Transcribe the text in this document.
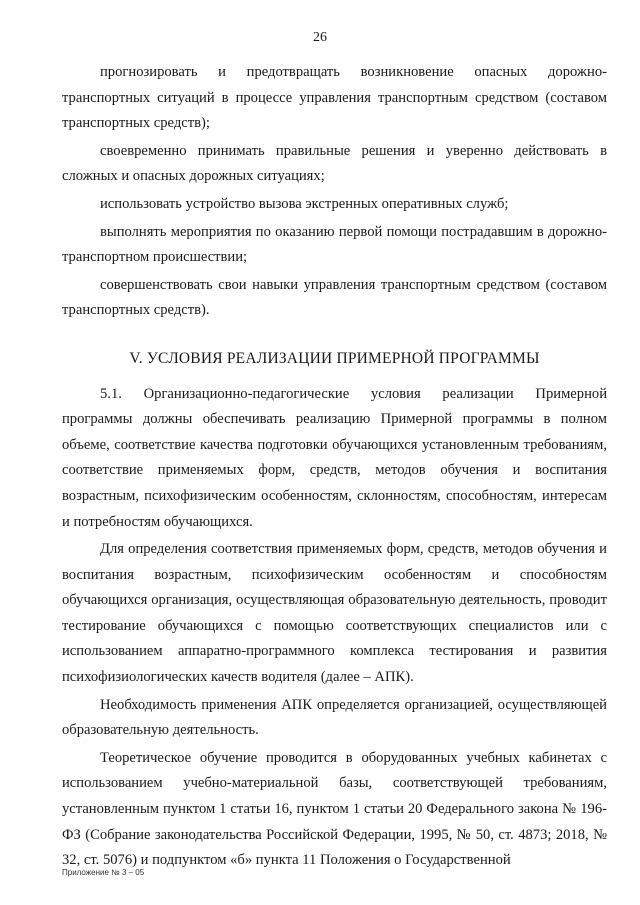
26

прогнозировать и предотвращать возникновение опасных дорожно-транспортных ситуаций в процессе управления транспортным средством (составом транспортных средств);

своевременно принимать правильные решения и уверенно действовать в сложных и опасных дорожных ситуациях;

использовать устройство вызова экстренных оперативных служб;

выполнять мероприятия по оказанию первой помощи пострадавшим в дорожно-транспортном происшествии;

совершенствовать свои навыки управления транспортным средством (составом транспортных средств).

V. УСЛОВИЯ РЕАЛИЗАЦИИ ПРИМЕРНОЙ ПРОГРАММЫ

5.1. Организационно-педагогические условия реализации Примерной программы должны обеспечивать реализацию Примерной программы в полном объеме, соответствие качества подготовки обучающихся установленным требованиям, соответствие применяемых форм, средств, методов обучения и воспитания возрастным, психофизическим особенностям, склонностям, способностям, интересам и потребностям обучающихся.

Для определения соответствия применяемых форм, средств, методов обучения и воспитания возрастным, психофизическим особенностям и способностям обучающихся организация, осуществляющая образовательную деятельность, проводит тестирование обучающихся с помощью соответствующих специалистов или с использованием аппаратно-программного комплекса тестирования и развития психофизиологических качеств водителя (далее – АПК).

Необходимость применения АПК определяется организацией, осуществляющей образовательную деятельность.

Теоретическое обучение проводится в оборудованных учебных кабинетах с использованием учебно-материальной базы, соответствующей требованиям, установленным пунктом 1 статьи 16, пунктом 1 статьи 20 Федерального закона № 196-ФЗ (Собрание законодательства Российской Федерации, 1995, № 50, ст. 4873; 2018, № 32, ст. 5076) и подпунктом «б» пункта 11 Положения о Государственной

Приложение № 3 – 05
